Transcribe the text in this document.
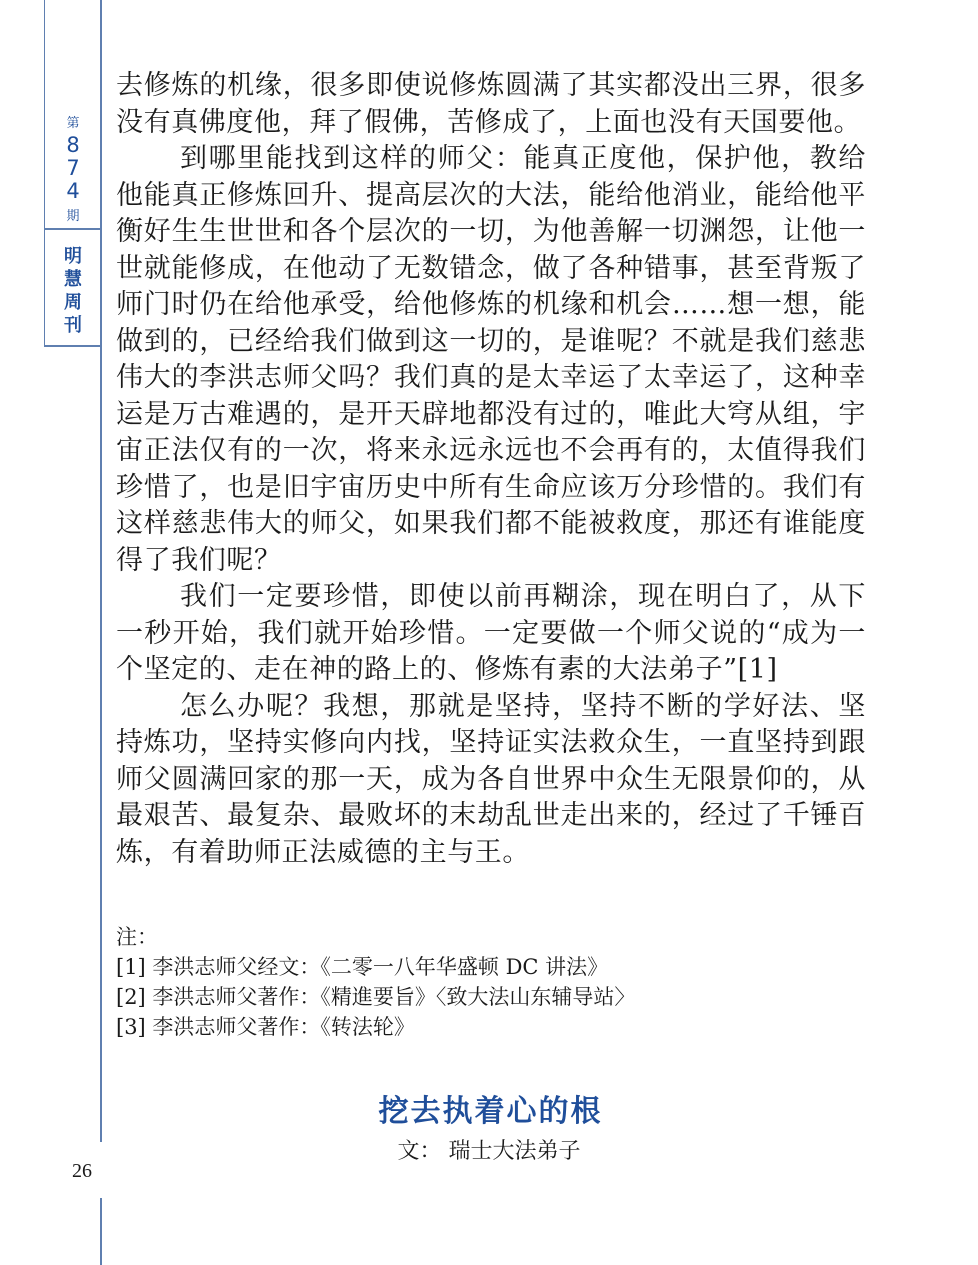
第
8
7
4
期
明
慧
周
刊
26

去修炼的机缘，很多即使说修炼圆满了其实都没出三界，很多没有真佛度他，拜了假佛，苦修成了，上面也没有天国要他。

到哪里能找到这样的师父：能真正度他，保护他，教给他能真正修炼回升、提高层次的大法，能给他消业，能给他平衡好生生世世和各个层次的一切，为他善解一切渊怨，让他一世就能修成，在他动了无数错念，做了各种错事，甚至背叛了师门时仍在给他承受，给他修炼的机缘和机会……想一想，能做到的，已经给我们做到这一切的，是谁呢？不就是我们慈悲伟大的李洪志师父吗？我们真的是太幸运了太幸运了，这种幸运是万古难遇的，是开天辟地都没有过的，唯此大穹从组，宇宙正法仅有的一次，将来永远永远也不会再有的，太值得我们珍惜了，也是旧宇宙历史中所有生命应该万分珍惜的。我们有这样慈悲伟大的师父，如果我们都不能被救度，那还有谁能度得了我们呢？

我们一定要珍惜，即使以前再糊涂，现在明白了，从下一秒开始，我们就开始珍惜。一定要做一个师父说的“成为一个坚定的、走在神的路上的、修炼有素的大法弟子”[1]

怎么办呢？我想，那就是坚持，坚持不断的学好法、坚持炼功，坚持实修向内找，坚持证实法救众生，一直坚持到跟师父圆满回家的那一天，成为各自世界中众生无限景仰的，从最艰苦、最复杂、最败坏的末劫乱世走出来的，经过了千锤百炼，有着助师正法威德的主与王。

注：

[1] 李洪志师父经文：《二零一八年华盛顿 DC 讲法》

[2] 李洪志师父著作：《精進要旨》〈致大法山东辅导站〉

[3] 李洪志师父著作：《转法轮》

挖去执着心的根
文： 瑞士大法弟子
